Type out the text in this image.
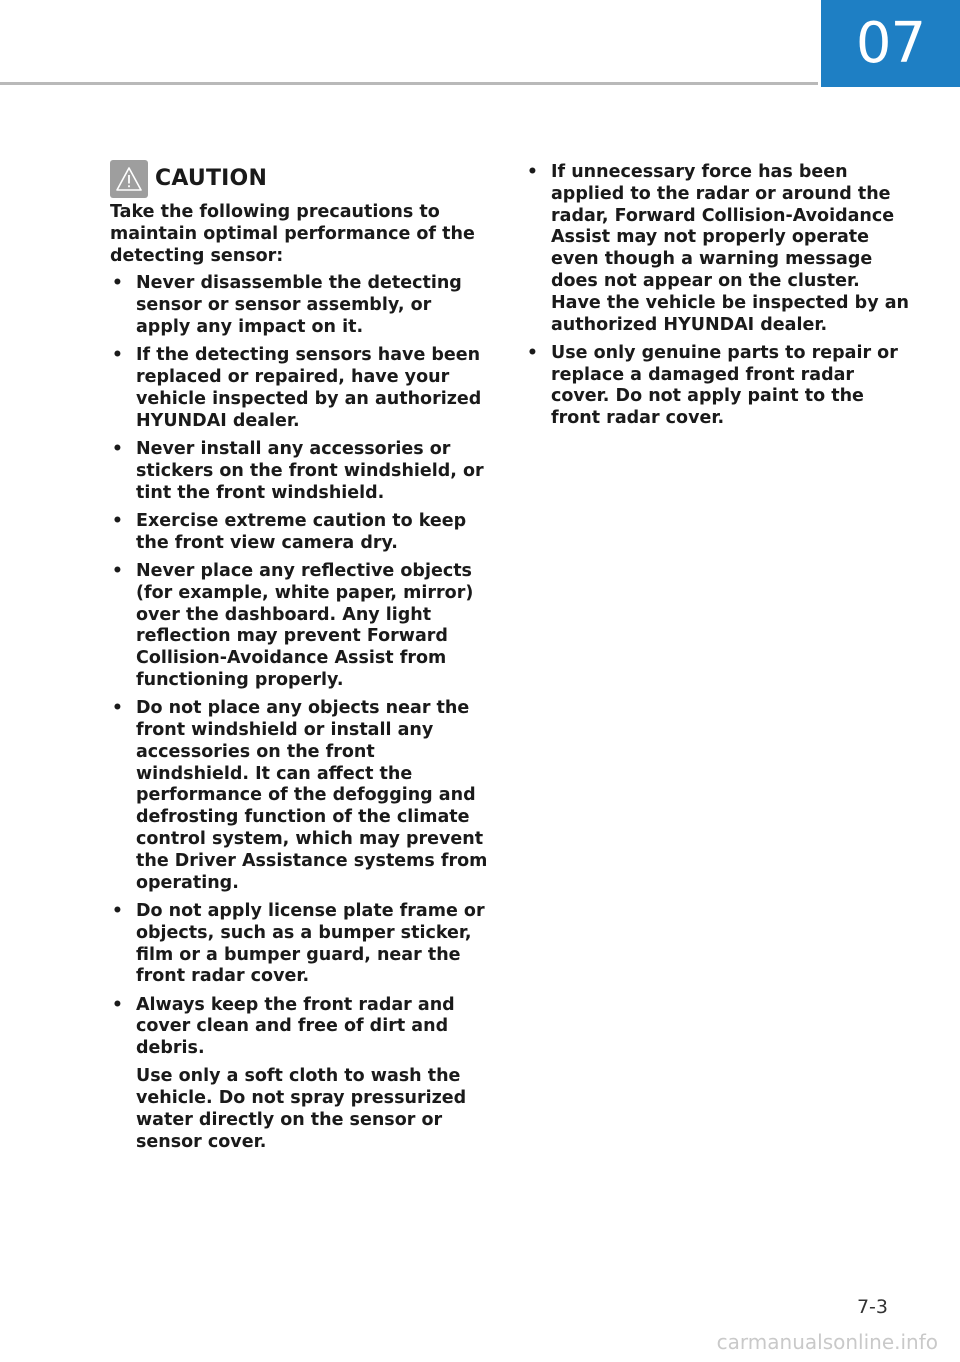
07
CAUTION

Take the following precautions to maintain optimal performance of the detecting sensor:

• Never disassemble the detecting sensor or sensor assembly, or apply any impact on it.
• If the detecting sensors have been replaced or repaired, have your vehicle inspected by an authorized HYUNDAI dealer.
• Never install any accessories or stickers on the front windshield, or tint the front windshield.
• Exercise extreme caution to keep the front view camera dry.
• Never place any reflective objects (for example, white paper, mirror) over the dashboard. Any light reflection may prevent Forward Collision-Avoidance Assist from functioning properly.
• Do not place any objects near the front windshield or install any accessories on the front windshield. It can affect the performance of the defogging and defrosting function of the climate control system, which may prevent the Driver Assistance systems from operating.
• Do not apply license plate frame or objects, such as a bumper sticker, film or a bumper guard, near the front radar cover.
• Always keep the front radar and cover clean and free of dirt and debris.

Use only a soft cloth to wash the vehicle. Do not spray pressurized water directly on the sensor or sensor cover.

• If unnecessary force has been applied to the radar or around the radar, Forward Collision-Avoidance Assist may not properly operate even though a warning message does not appear on the cluster. Have the vehicle be inspected by an authorized HYUNDAI dealer.
• Use only genuine parts to repair or replace a damaged front radar cover. Do not apply paint to the front radar cover.
7-3
carmanualsonline.info
